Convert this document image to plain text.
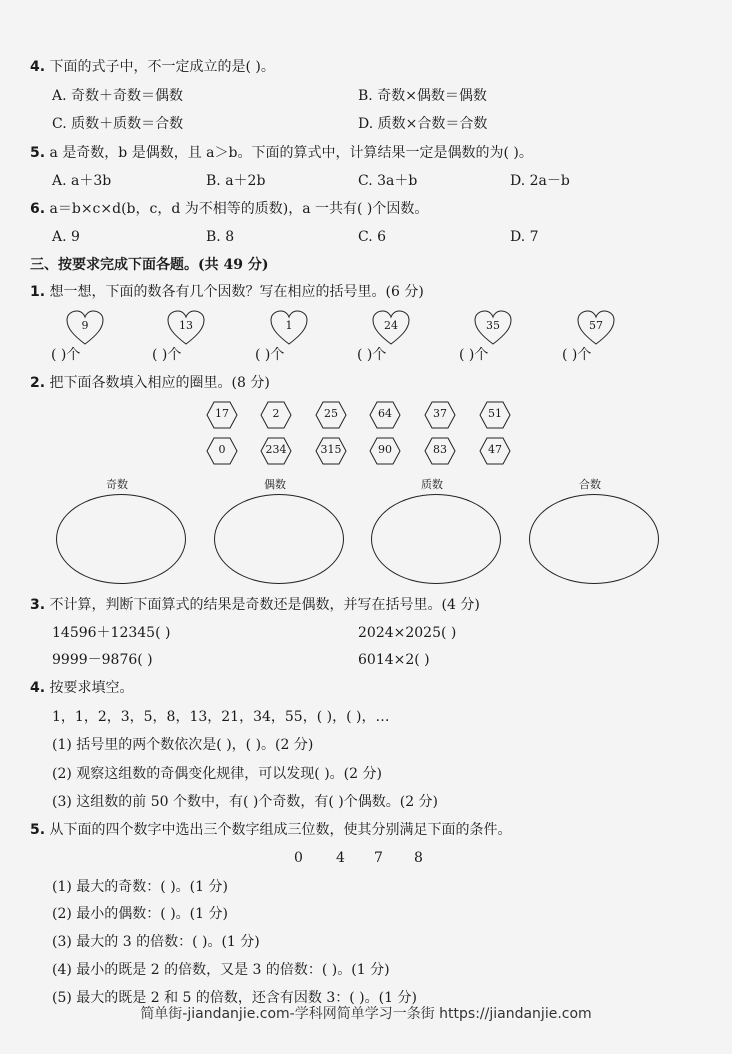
4. 下面的式子中，不一定成立的是( )。
A. 奇数＋奇数＝偶数	B. 奇数×偶数＝偶数
C. 质数＋质数＝合数	D. 质数×合数＝合数
5. a 是奇数，b 是偶数，且 a＞b。下面的算式中，计算结果一定是偶数的为( )。
A. a＋3b	B. a＋2b	C. 3a＋b	D. 2a－b
6. a＝b×c×d(b，c，d 为不相等的质数)，a 一共有( )个因数。
A. 9	B. 8	C. 6	D. 7
三、按要求完成下面各题。(共 49 分)
1. 想一想，下面的数各有几个因数？写在相应的括号里。(6 分)
9
( )个
13
( )个
1
( )个
24
( )个
35
( )个
57
( )个
2. 把下面各数填入相应的圈里。(8 分)
17	2	25	64	37	51
0	234	315	90	83	47
奇数	偶数	质数	合数
3. 不计算，判断下面算式的结果是奇数还是偶数，并写在括号里。(4 分)
14596＋12345( )	2024×2025( )
9999－9876( )	6014×2( )
4. 按要求填空。
1，1，2，3，5，8，13，21，34，55，( )，( )，…
(1) 括号里的两个数依次是( )，( )。(2 分)
(2) 观察这组数的奇偶变化规律，可以发现( )。(2 分)
(3) 这组数的前 50 个数中，有( )个奇数，有( )个偶数。(2 分)
5. 从下面的四个数字中选出三个数字组成三位数，使其分别满足下面的条件。
0 4 7 8
(1) 最大的奇数：( )。(1 分)
(2) 最小的偶数：( )。(1 分)
(3) 最大的 3 的倍数：( )。(1 分)
(4) 最小的既是 2 的倍数，又是 3 的倍数：( )。(1 分)
(5) 最大的既是 2 和 5 的倍数，还含有因数 3：( )。(1 分)
简单街-jiandanjie.com-学科网简单学习一条街 https://jiandanjie.com
